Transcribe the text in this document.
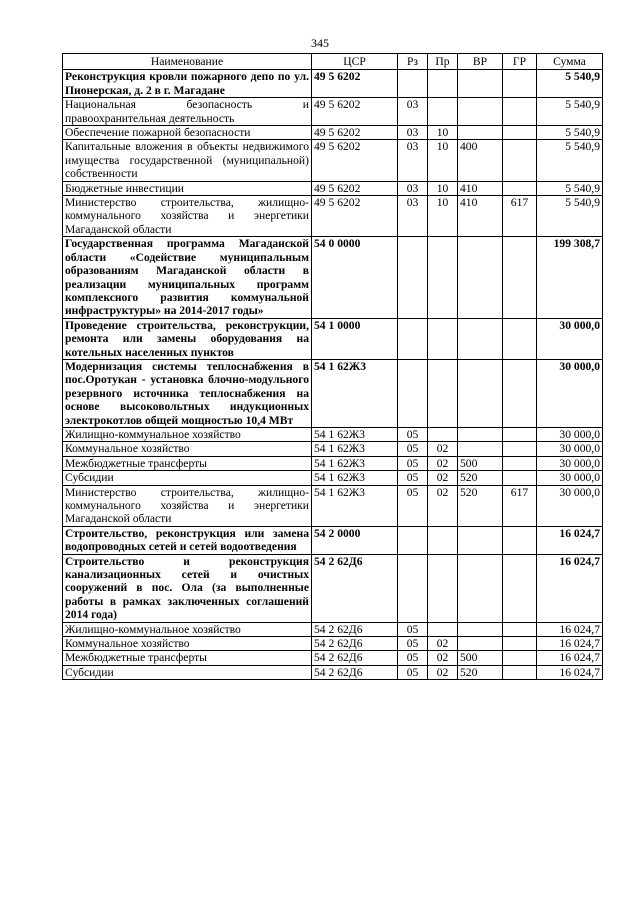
345
Наименование	ЦСР	Рз	Пр	ВР	ГР	Сумма
Реконструкция кровли пожарного депо по ул. Пионерская, д. 2 в г. Магадане	49 5 6202					5 540,9
Национальная безопасность и правоохранительная деятельность	49 5 6202	03				5 540,9
Обеспечение пожарной безопасности	49 5 6202	03	10			5 540,9
Капитальные вложения в объекты недвижимого имущества государственной (муниципальной) собственности	49 5 6202	03	10	400		5 540,9
Бюджетные инвестиции	49 5 6202	03	10	410		5 540,9
Министерство строительства, жилищно-коммунального хозяйства и энергетики Магаданской области	49 5 6202	03	10	410	617	5 540,9
Государственная программа Магаданской области «Содействие муниципальным образованиям Магаданской области в реализации муниципальных программ комплексного развития коммунальной инфраструктуры» на 2014-2017 годы»	54 0 0000					199 308,7
Проведение строительства, реконструкции, ремонта или замены оборудования на котельных населенных пунктов	54 1 0000					30 000,0
Модернизация системы теплоснабжения в пос.Оротукан - установка блочно-модульного резервного источника теплоснабжения на основе высоковольтных индукционных электрокотлов общей мощностью 10,4 МВт	54 1 62Ж3					30 000,0
Жилищно-коммунальное хозяйство	54 1 62Ж3	05				30 000,0
Коммунальное хозяйство	54 1 62Ж3	05	02			30 000,0
Межбюджетные трансферты	54 1 62Ж3	05	02	500		30 000,0
Субсидии	54 1 62Ж3	05	02	520		30 000,0
Министерство строительства, жилищно-коммунального хозяйства и энергетики Магаданской области	54 1 62Ж3	05	02	520	617	30 000,0
Строительство, реконструкция или замена водопроводных сетей и сетей водоотведения	54 2 0000					16 024,7
Строительство и реконструкция канализационных сетей и очистных сооружений в пос. Ола (за выполненные работы в рамках заключенных соглашений 2014 года)	54 2 62Д6					16 024,7
Жилищно-коммунальное хозяйство	54 2 62Д6	05				16 024,7
Коммунальное хозяйство	54 2 62Д6	05	02			16 024,7
Межбюджетные трансферты	54 2 62Д6	05	02	500		16 024,7
Субсидии	54 2 62Д6	05	02	520		16 024,7
